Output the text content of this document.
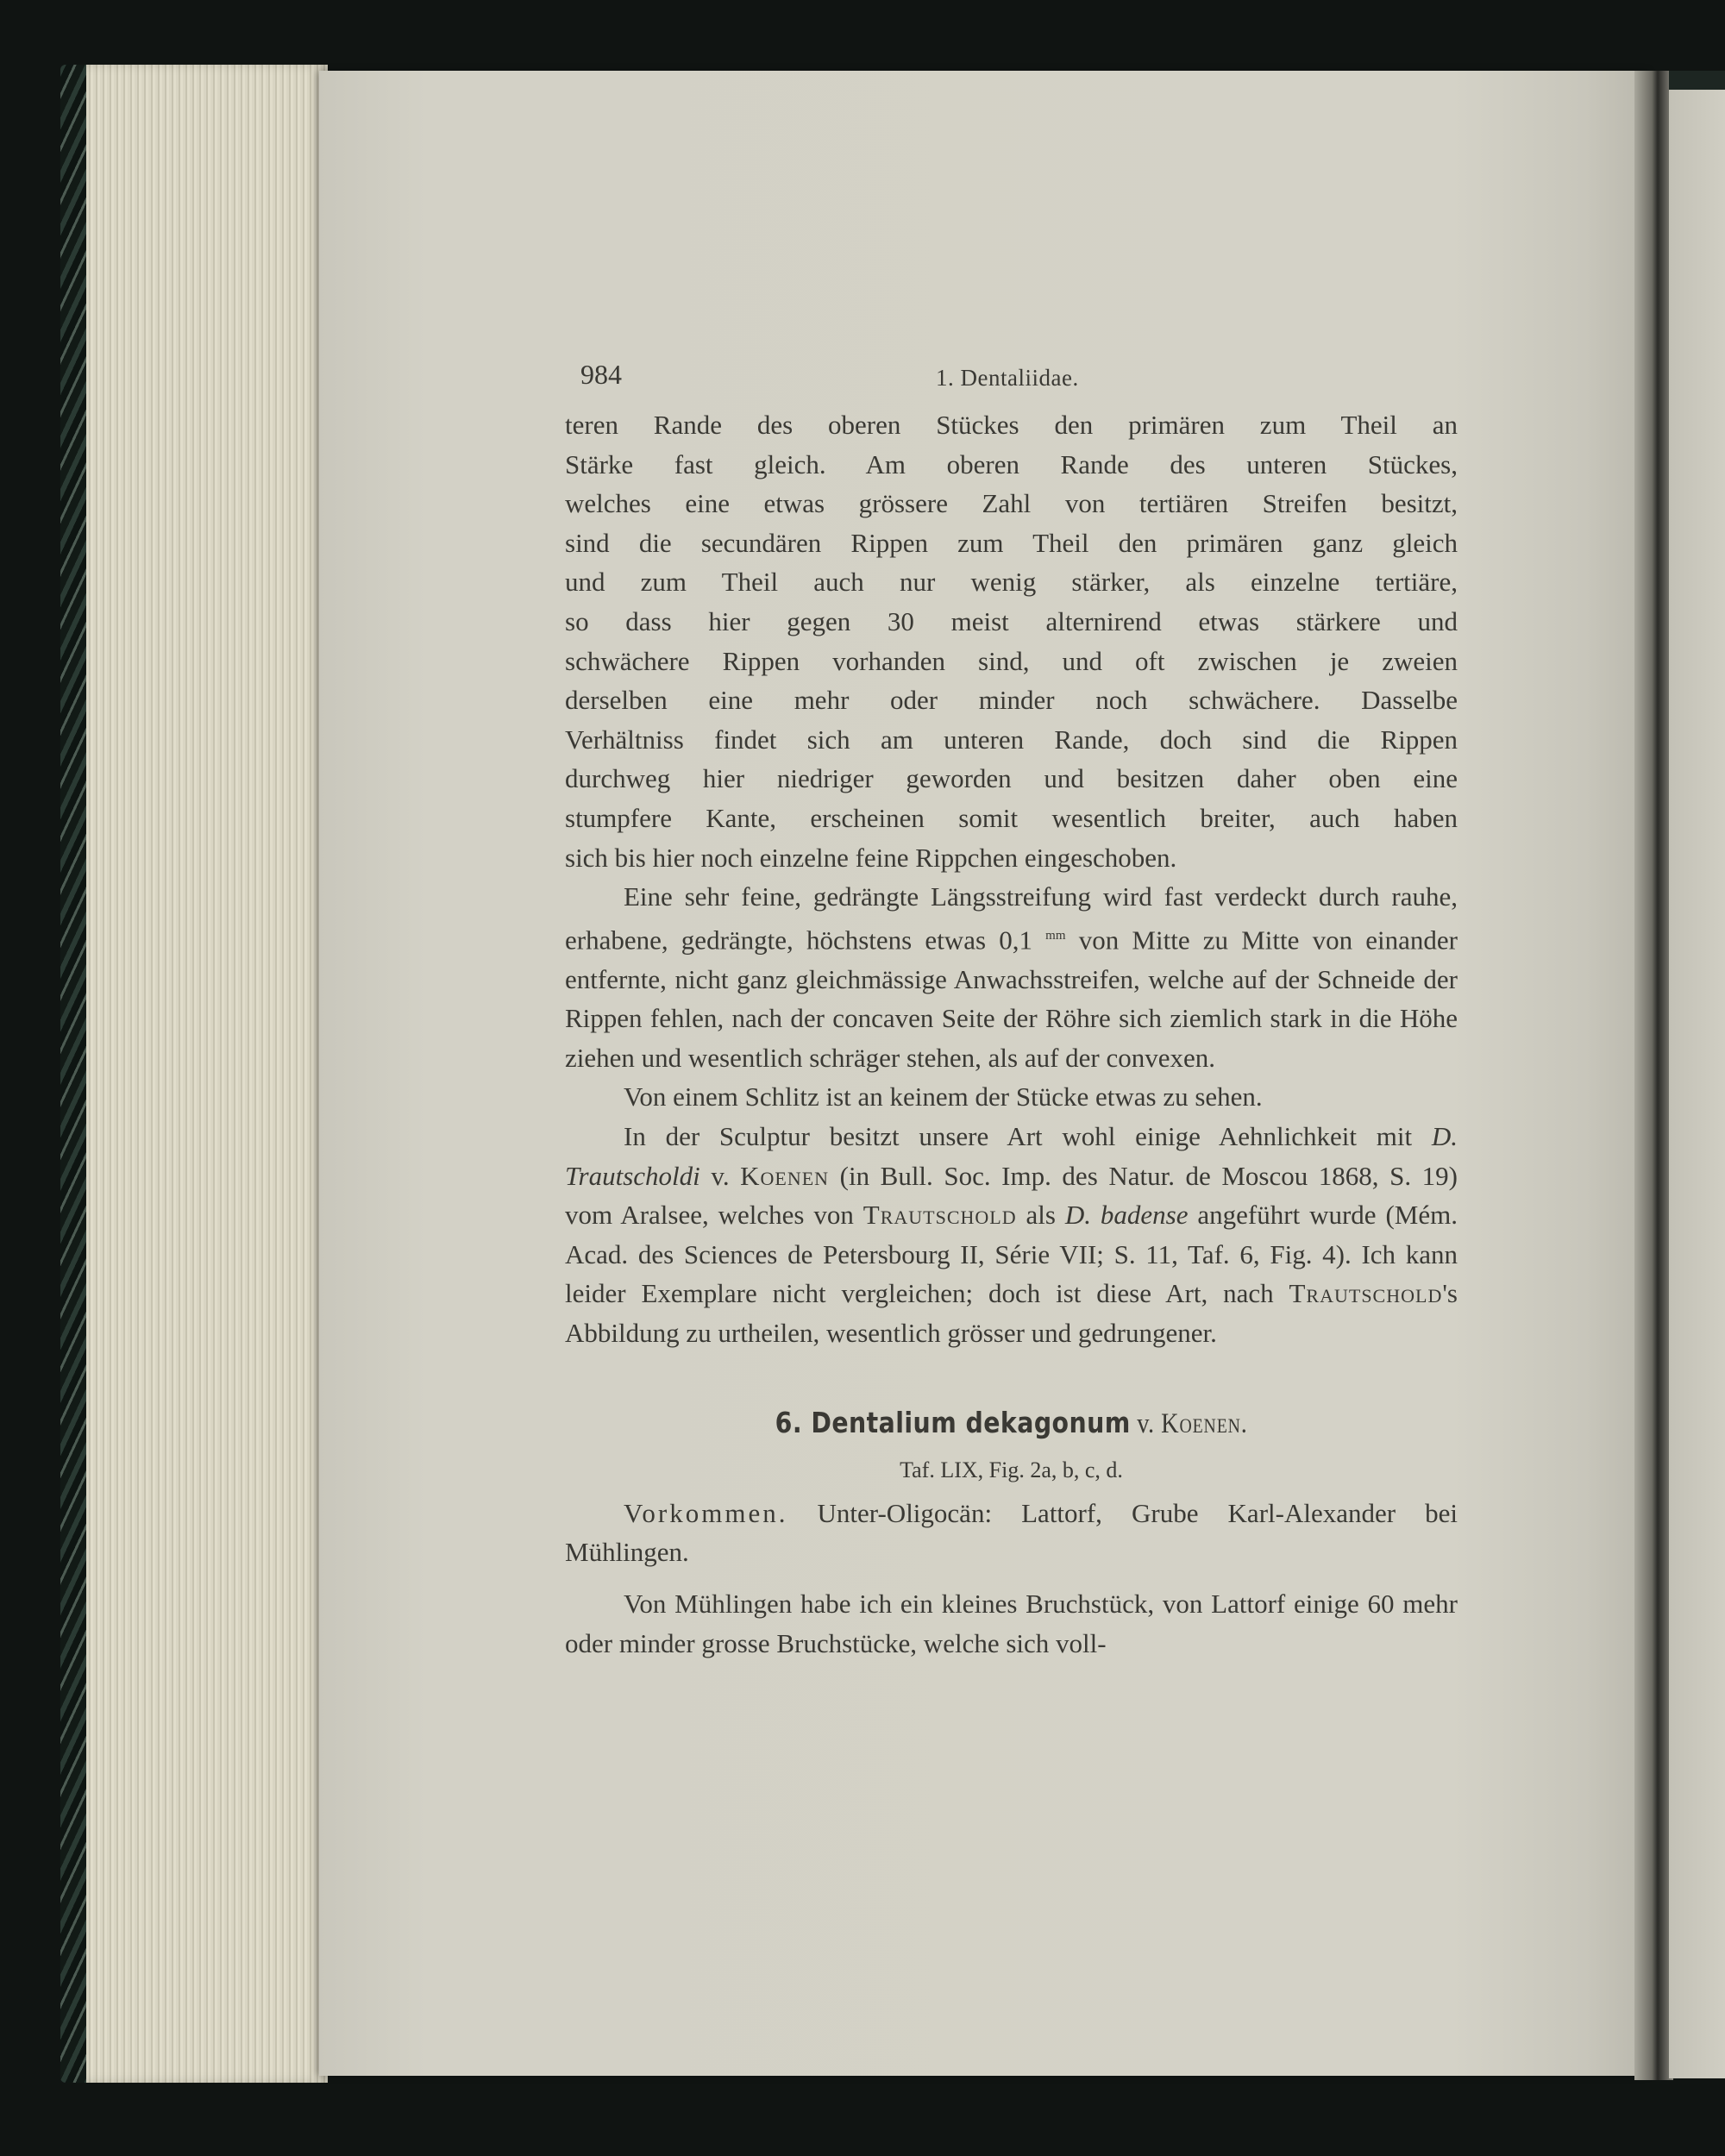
984	1. Dentaliidae.
teren Rande des oberen Stückes den primären zum Theil an
Stärke fast gleich. Am oberen Rande des unteren Stückes,
welches eine etwas grössere Zahl von tertiären Streifen besitzt,
sind die secundären Rippen zum Theil den primären ganz gleich
und zum Theil auch nur wenig stärker, als einzelne tertiäre,
so dass hier gegen 30 meist alternirend etwas stärkere und
schwächere Rippen vorhanden sind, und oft zwischen je zweien
derselben eine mehr oder minder noch schwächere. Dasselbe
Verhältniss findet sich am unteren Rande, doch sind die Rippen
durchweg hier niedriger geworden und besitzen daher oben eine
stumpfere Kante, erscheinen somit wesentlich breiter, auch haben
sich bis hier noch einzelne feine Rippchen eingeschoben.

Eine sehr feine, gedrängte Längsstreifung wird fast verdeckt durch rauhe, erhabene, gedrängte, höchstens etwas 0,1 $^{mm}$ von Mitte zu Mitte von einander entfernte, nicht ganz gleichmässige Anwachsstreifen, welche auf der Schneide der Rippen fehlen, nach der concaven Seite der Röhre sich ziemlich stark in die Höhe ziehen und wesentlich schräger stehen, als auf der convexen.

Von einem Schlitz ist an keinem der Stücke etwas zu sehen.

In der Sculptur besitzt unsere Art wohl einige Aehnlichkeit mit D. Trautscholdi v. Koenen (in Bull. Soc. Imp. des Natur. de Moscou 1868, S. 19) vom Aralsee, welches von Trautschold als D. badense angeführt wurde (Mém. Acad. des Sciences de Petersbourg II, Série VII; S. 11, Taf. 6, Fig. 4). Ich kann leider Exemplare nicht vergleichen; doch ist diese Art, nach Trautschold's Abbildung zu urtheilen, wesentlich grösser und gedrungener.

6. Dentalium dekagonum v. Koenen.
Taf. LIX, Fig. 2a, b, c, d.

Vorkommen. Unter-Oligocän: Lattorf, Grube Karl-Alexander bei Mühlingen.

Von Mühlingen habe ich ein kleines Bruchstück, von Lattorf einige 60 mehr oder minder grosse Bruchstücke, welche sich voll-
